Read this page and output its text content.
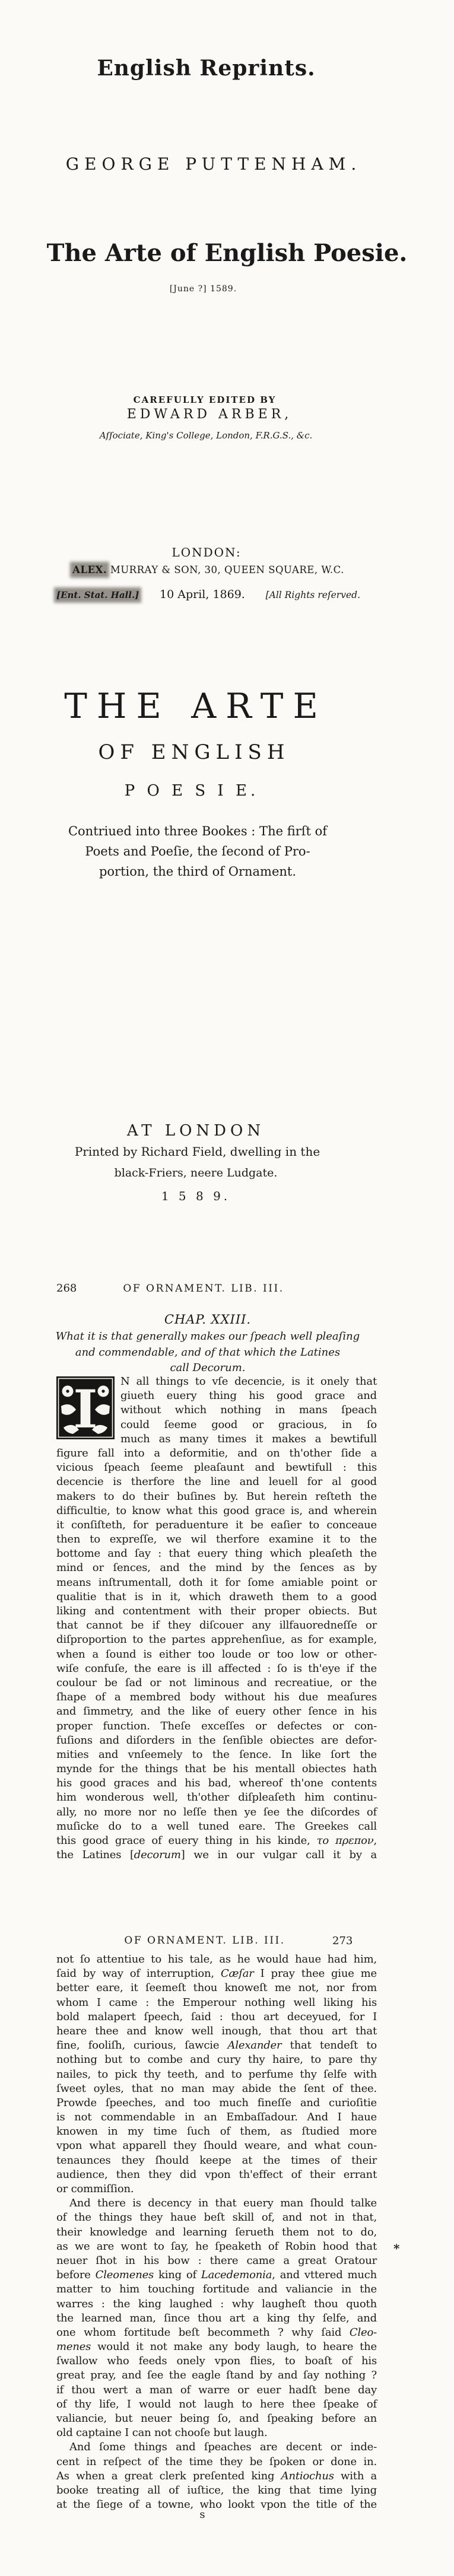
English Reprints.
GEORGE PUTTENHAM.
The Arte of English Poesie.
[June ?] 1589.
CAREFULLY EDITED BY
EDWARD ARBER,
Aſſociate, King's College, London, F.R.G.S., &c.
LONDON:
ALEX. MURRAY & SON, 30, QUEEN SQUARE, W.C.
[Ent. Stat. Hall.] 10 April, 1869. [All Rights reſerved.
THE ARTE
OF ENGLISH
P O E S I E.
Contriued into three Bookes : The firſt of
Poets and Poeſie, the ſecond of Pro-
portion, the third of Ornament.
AT LONDON
Printed by Richard Field, dwelling in the
black-Friers, neere Ludgate.
1 5 8 9.
268	OF ORNAMENT. LIB. III.
CHAP. XXIII.
What it is that generally makes our ſpeach well pleaſing
and commendable, and of that which the Latines
call Decorum.
I N all things to vſe decencie, is it onely that
giueth euery thing his good grace and
without which nothing in mans ſpeach
could ſeeme good or gracious, in ſo
much as many times it makes a bewtifull
figure fall into a deformitie, and on th'other ſide a
vicious ſpeach ſeeme pleaſaunt and bewtifull : this
decencie is therfore the line and leuell for al good
makers to do their buſines by. But herein reſteth the
difficultie, to know what this good grace is, and wherein
it conſiſteth, for peraduenture it be eaſier to conceaue
then to expreſſe, we wil therfore examine it to the
bottome and ſay : that euery thing which pleaſeth the
mind or ſences, and the mind by the ſences as by
means inſtrumentall, doth it for ſome amiable point or
qualitie that is in it, which draweth them to a good
liking and contentment with their proper obiects. But
that cannot be if they diſcouer any illfauoredneſſe or
diſproportion to the partes apprehenſiue, as for example,
when a ſound is either too loude or too low or other-
wiſe confuſe, the eare is ill affected : ſo is th'eye if the
coulour be ſad or not liminous and recreatiue, or the
ſhape of a membred body without his due meaſures
and ſimmetry, and the like of euery other ſence in his
proper function. Theſe exceſſes or defectes or con-
fuſions and diſorders in the ſenſible obiectes are defor-
mities and vnſeemely to the ſence. In like ſort the
mynde for the things that be his mentall obiectes hath
his good graces and his bad, whereof th'one contents
him wonderous well, th'other diſpleaſeth him continu-
ally, no more nor no leſſe then ye ſee the diſcordes of
muſicke do to a well tuned eare. The Greekes call
this good grace of euery thing in his kinde, το πρεπον,
the Latines [decorum] we in our vulgar call it by a
OF ORNAMENT. LIB. III.	273
not ſo attentiue to his tale, as he would haue had him,
ſaid by way of interruption, Cæſar I pray thee giue me
better eare, it ſeemeſt thou knoweſt me not, nor from
whom I came : the Emperour nothing well liking his
bold malapert ſpeech, ſaid : thou art deceyued, for I
heare thee and know well inough, that thou art that
fine, fooliſh, curious, ſawcie Alexander that tendeſt to
nothing but to combe and cury thy haire, to pare thy
nailes, to pick thy teeth, and to perfume thy ſelfe with
ſweet oyles, that no man may abide the ſent of thee.
Prowde ſpeeches, and too much fineſſe and curioſitie
is not commendable in an Embaſſadour. And I haue
knowen in my time ſuch of them, as ſtudied more
vpon what apparell they ſhould weare, and what coun-
tenaunces they ſhould keepe at the times of their
audience, then they did vpon th'effect of their errant
or commiſſion.
And there is decency in that euery man ſhould talke
of the things they haue beſt skill of, and not in that,
their knowledge and learning ſerueth them not to do,
as we are wont to ſay, he ſpeaketh of Robin hood that
neuer ſhot in his bow : there came a great Oratour
before Cleomenes king of Lacedemonia, and vttered much
matter to him touching fortitude and valiancie in the
warres : the king laughed : why laugheſt thou quoth
the learned man, ſince thou art a king thy ſelfe, and
one whom fortitude beſt becommeth ? why ſaid Cleo-
menes would it not make any body laugh, to heare the
ſwallow who feeds onely vpon flies, to boaſt of his
great pray, and ſee the eagle ſtand by and ſay nothing ?
if thou wert a man of warre or euer hadſt bene day
of thy life, I would not laugh to here thee ſpeake of
valiancie, but neuer being ſo, and ſpeaking before an
old captaine I can not chooſe but laugh.
And ſome things and ſpeaches are decent or inde-
cent in reſpect of the time they be ſpoken or done in.
As when a great clerk preſented king Antiochus with a
booke treating all of iuſtice, the king that time lying
at the ſiege of a towne, who lookt vpon the title of the
*
s
